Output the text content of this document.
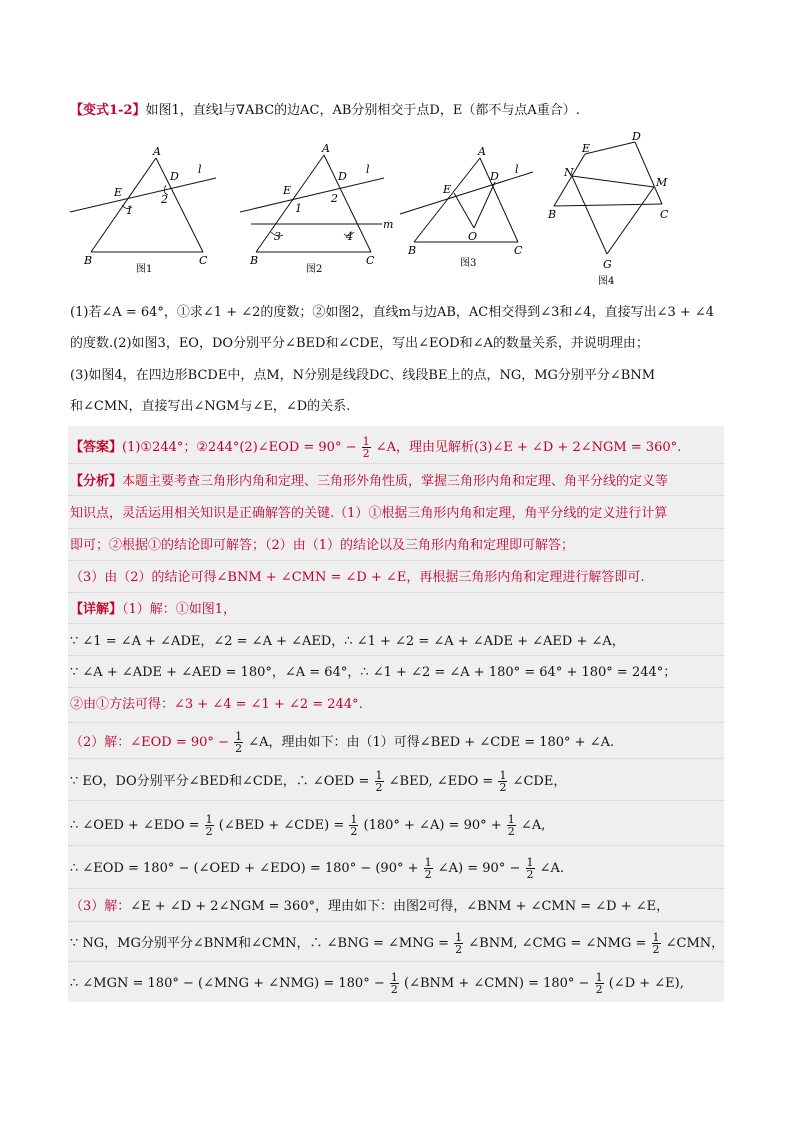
【变式1-2】如图1，直线l与∇ABC的边AC，AB分别相交于点D，E（都不与点A重合）.
A
B	C
D
E
l
1
2
图1
A
B	C
D
E
l
m
1
2
3	4
图2
A
B	C
D
E
O
l
图3
B	C
D
E
G
M
N
图4
(1)若∠A = 64°，①求∠1 + ∠2的度数；②如图2，直线m与边AB，AC相交得到∠3和∠4，直接写出∠3 + ∠4
的度数.(2)如图3，EO，DO分别平分∠BED和∠CDE，写出∠EOD和∠A的数量关系，并说明理由；
(3)如图4，在四边形BCDE中，点M，N分别是线段DC、线段BE上的点，NG，MG分别平分∠BNM
和∠CMN，直接写出∠NGM与∠E，∠D的关系.
【答案】(1)①244°；②244°(2)∠EOD = $90^\circ - \frac{1}{2}$ ∠A，理由见解析(3)∠E + ∠D + 2∠NGM = 360°.
【分析】本题主要考查三角形内角和定理、三角形外角性质，掌握三角形内角和定理、角平分线的定义等
知识点，灵活运用相关知识是正确解答的关键.（1）①根据三角形内角和定理，角平分线的定义进行计算
即可；②根据①的结论即可解答；（2）由（1）的结论以及三角形内角和定理即可解答；
（3）由（2）的结论可得∠BNM + ∠CMN = ∠D + ∠E，再根据三角形内角和定理进行解答即可.
【详解】（1）解：①如图1，
∵ ∠1 = ∠A + ∠ADE，∠2 = ∠A + ∠AED，∴ ∠1 + ∠2 = ∠A + ∠ADE + ∠AED + ∠A，
∵ ∠A + ∠ADE + ∠AED = 180°，∠A = 64°，∴ ∠1 + ∠2 = ∠A + 180° = 64° + 180° = 244°；
②由①方法可得：∠3 + ∠4 = ∠1 + ∠2 = 244°.
（2）解：∠EOD = $90^\circ - \frac{1}{2}$ ∠A，理由如下：由（1）可得∠BED + ∠CDE = 180° + ∠A.
∵ EO，DO分别平分∠BED和∠CDE，∴ ∠OED = $\frac{1}{2}$ ∠BED, ∠EDO = $\frac{1}{2}$ ∠CDE，
∴ ∠OED + ∠EDO = $\frac{1}{2}$ (∠BED + ∠CDE) = $\frac{1}{2} (180^\circ$ + ∠A) = $90^\circ + \frac{1}{2}$ ∠A,
∴ ∠EOD = 180° − (∠OED + ∠EDO) = $180^\circ - (90^\circ + \frac{1}{2}$ ∠A) = $90^\circ - \frac{1}{2}$ ∠A.
（3）解：∠E + ∠D + 2∠NGM = 360°，理由如下：由图2可得，∠BNM + ∠CMN = ∠D + ∠E，
∵ NG，MG分别平分∠BNM和∠CMN，∴ ∠BNG = ∠MNG = $\frac{1}{2}$ ∠BNM, ∠CMG = ∠NMG = $\frac{1}{2}$ ∠CMN，
∴ ∠MGN = 180° − (∠MNG + ∠NMG) = $180^\circ - \frac{1}{2}$ (∠BNM + ∠CMN) = $180^\circ - \frac{1}{2}$ (∠D + ∠E),
